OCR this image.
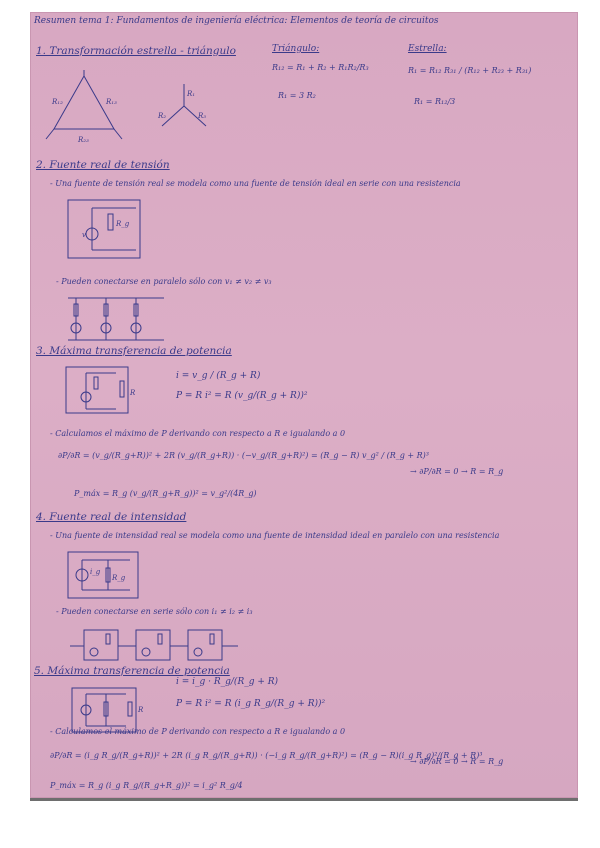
Resumen tema 1: Fundamentos de ingeniería eléctrica: Elementos de teoría de circuitos
1. Transformación estrella - triángulo
R₁₂	R₁₃
R₂₃
R₁
R₂	R₃
Triángulo:
R₁₂ = R₁ + R₂ + R₁R₂/R₃
R₁ = 3 R₂
Estrella:
R₁ = R₁₂ R₃₁ / (R₁₂ + R₂₃ + R₃₁)
R₁ = R₁₂/3
2. Fuente real de tensión
- Una fuente de tensión real se modela como una fuente de tensión ideal en serie con una resistencia
R_g
v
- Pueden conectarse en paralelo sólo con v₁ ≠ v₂ ≠ v₃
3. Máxima transferencia de potencia
R
i = v_g / (R_g + R)
P = R i² = R (v_g/(R_g + R))²
- Calculamos el máximo de P derivando con respecto a R e igualando a 0
∂P/∂R = (v_g/(R_g+R))² + 2R (v_g/(R_g+R)) · (−v_g/(R_g+R)²) = (R_g − R) v_g² / (R_g + R)³
→ ∂P/∂R = 0 → R = R_g
P_máx = R_g (v_g/(R_g+R_g))² = v_g²/(4R_g)
4. Fuente real de intensidad
- Una fuente de intensidad real se modela como una fuente de intensidad ideal en paralelo con una resistencia
R_g
i_g
- Pueden conectarse en serie sólo con i₁ ≠ i₂ ≠ i₃
5. Máxima transferencia de potencia
R
i = i_g · R_g/(R_g + R)
P = R i² = R (i_g R_g/(R_g + R))²
- Calculamos el máximo de P derivando con respecto a R e igualando a 0
∂P/∂R = (i_g R_g/(R_g+R))² + 2R (i_g R_g/(R_g+R)) · (−i_g R_g/(R_g+R)²) = (R_g − R)(i_g R_g)²/(R_g + R)³
→ ∂P/∂R = 0 → R = R_g
P_máx = R_g (i_g R_g/(R_g+R_g))² = i_g² R_g/4
